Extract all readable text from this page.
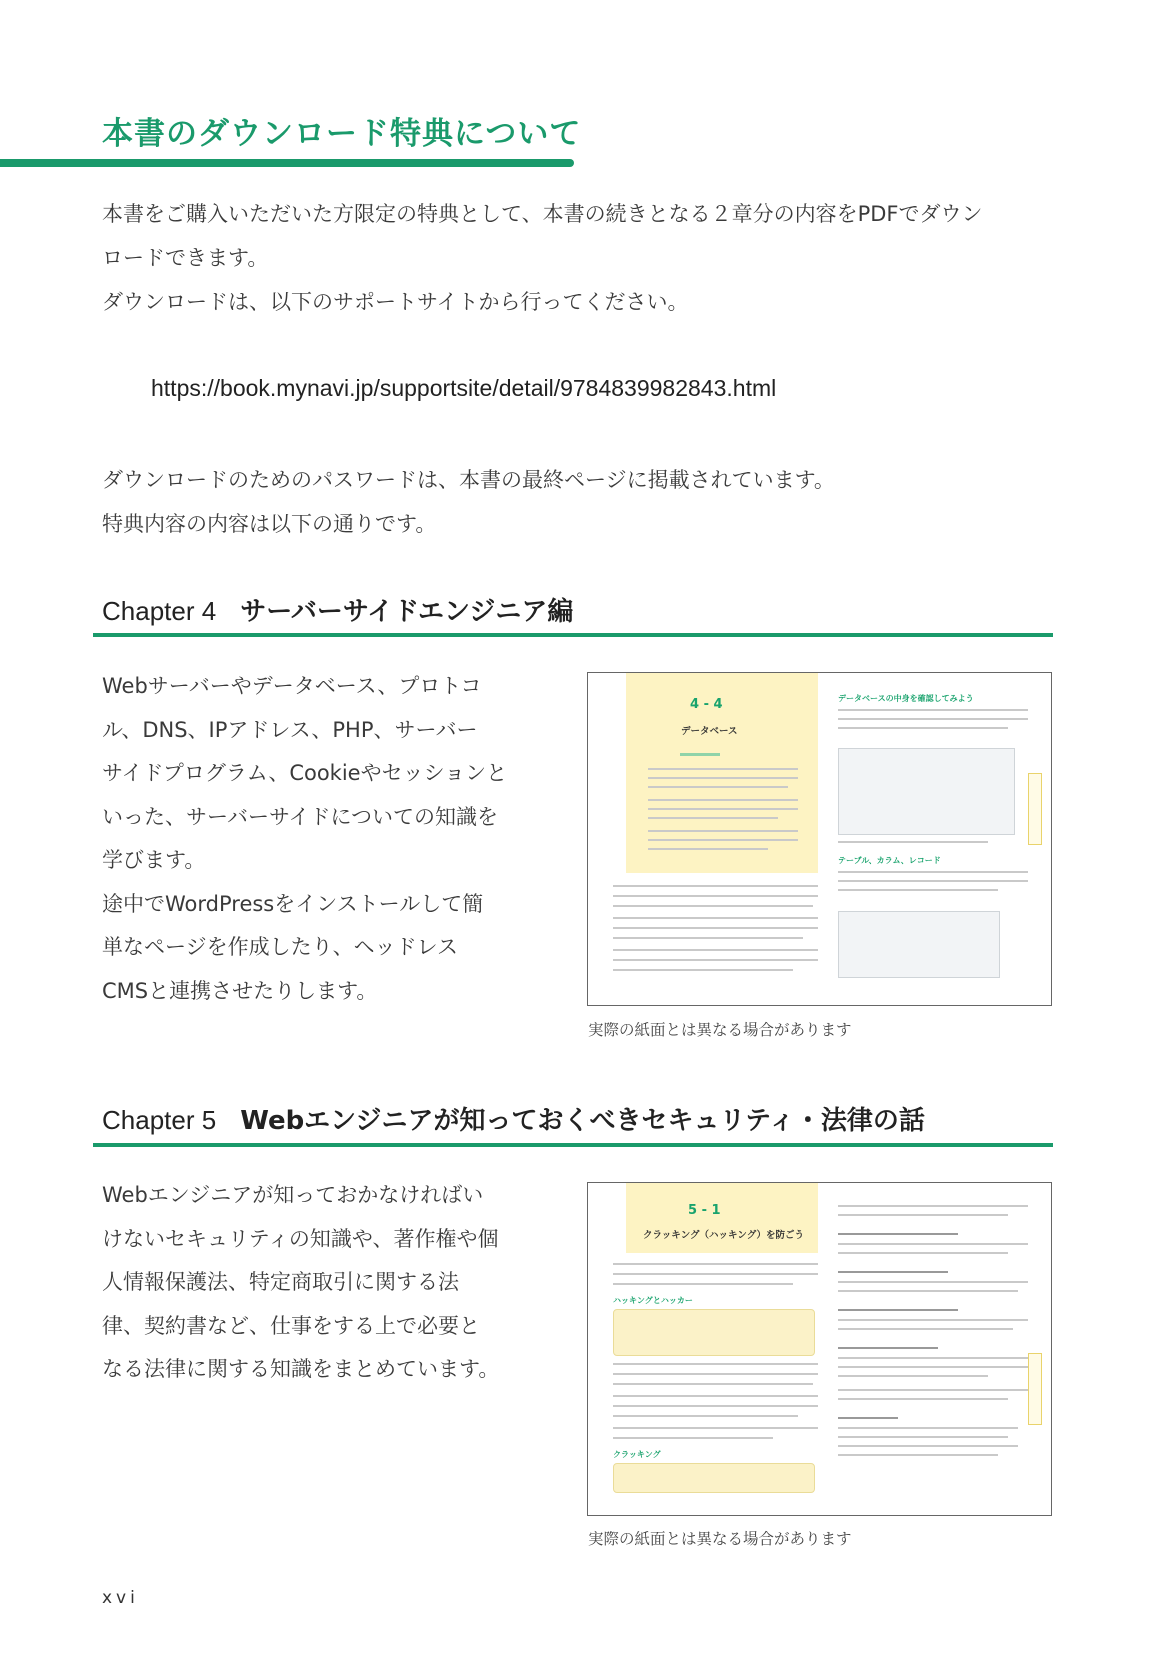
本書のダウンロード特典について
本書をご購入いただいた方限定の特典として、本書の続きとなる２章分の内容をPDFでダウン
ロードできます。
ダウンロードは、以下のサポートサイトから行ってください。
https://book.mynavi.jp/supportsite/detail/9784839982843.html
ダウンロードのためのパスワードは、本書の最終ページに掲載されています。
特典内容の内容は以下の通りです。
Chapter 4 サーバーサイドエンジニア編
Webサーバーやデータベース、プロトコ
ル、DNS、IPアドレス、PHP、サーバー
サイドプログラム、Cookieやセッションと
いった、サーバーサイドについての知識を
学びます。
途中でWordPressをインストールして簡
単なページを作成したり、ヘッドレス
CMSと連携させたりします。
4 - 4
データベース
データベースの中身を確認してみよう
テーブル、カラム、レコード
実際の紙面とは異なる場合があります
Chapter 5 Webエンジニアが知っておくべきセキュリティ・法律の話
Webエンジニアが知っておかなければい
けないセキュリティの知識や、著作権や個
人情報保護法、特定商取引に関する法
律、契約書など、仕事をする上で必要と
なる法律に関する知識をまとめています。
5 - 1
クラッキング（ハッキング）を防ごう
ハッキングとハッカー
クラッキング
実際の紙面とは異なる場合があります
xvi
